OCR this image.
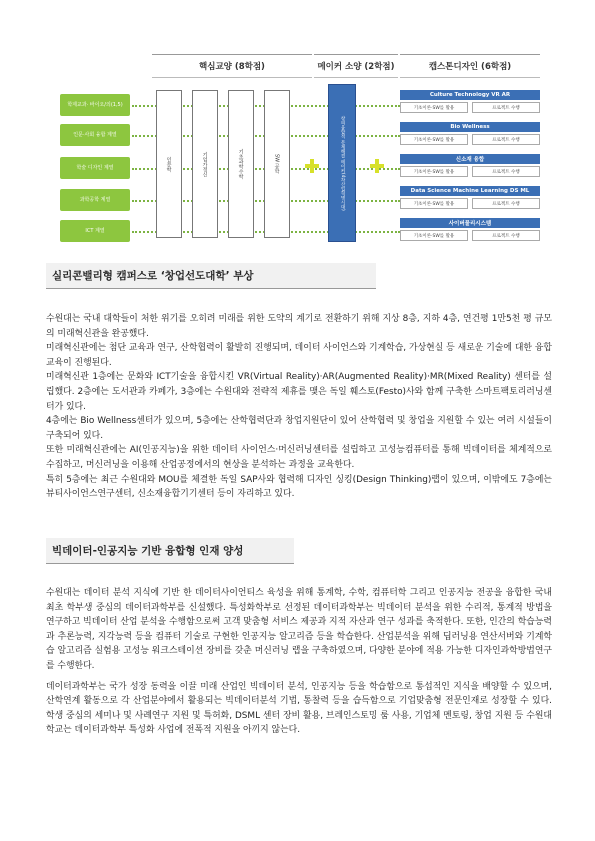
핵심교양 (8학점)	메이커 소양 (2학점)	캡스톤디자인 (6학점)
학제교과· 바이오/의(1,5)
인문·사회 융합 계열
학술 디자인 계열
과학공학 계열
ICT 계열
인문학	기업가정신	기초과학수학	SW 공학	창의융합적 문제해결 메이커(4차산업혁명시대)
Culture Technology VR AR
기초이론·SW를 활용	프로젝트 수행
Bio Wellness
기초이론·SW를 활용	프로젝트 수행
신소재 융합
기초이론·SW를 활용	프로젝트 수행
Data Science Machine Learning DS ML
기초이론·SW를 활용	프로젝트 수행
사이버물리시스템
기초이론·SW를 활용	프로젝트 수행
실리콘밸리형 캠퍼스로 ‘창업선도대학’ 부상

수원대는 국내 대학들이 처한 위기를 오히려 미래를 위한 도약의 계기로 전환하기 위해 지상 8층, 지하 4층, 연건평 1만5천 평 규모의 미래혁신관을 완공했다.

미래혁신관에는 첨단 교육과 연구, 산학협력이 활발히 진행되며, 데이터 사이언스와 기계학습, 가상현실 등 새로운 기술에 대한 융합교육이 진행된다.

미래혁신관 1층에는 문화와 ICT기술을 융합시킨 VR(Virtual Reality)·AR(Augmented Reality)·MR(Mixed Reality) 센터를 설립했다. 2층에는 도서관과 카페가, 3층에는 수원대와 전략적 제휴를 맺은 독일 훼스토(Festo)사와 함께 구축한 스마트팩토리러닝센터가 있다.

4층에는 Bio Wellness센터가 있으며, 5층에는 산학협력단과 창업지원단이 있어 산학협력 및 창업을 지원할 수 있는 여러 시설들이 구축되어 있다.

또한 미래혁신관에는 AI(인공지능)을 위한 데이터 사이언스·머신러닝센터를 설립하고 고성능컴퓨터를 통해 빅데이터를 체계적으로 수집하고, 머신러닝을 이용해 산업공정에서의 현상을 분석하는 과정을 교육한다.

특히 5층에는 최근 수원대와 MOU를 체결한 독일 SAP사와 협력해 디자인 싱킹(Design Thinking)랩이 있으며, 이밖에도 7층에는 뷰티사이언스연구센터, 신소재융합기기센터 등이 자리하고 있다.

빅데이터-인공지능 기반 융합형 인재 양성

수원대는 데이터 분석 지식에 기반 한 데이터사이언티스 육성을 위해 통계학, 수학, 컴퓨터학 그리고 인공지능 전공을 융합한 국내 최초 학부생 중심의 데이터과학부를 신설했다. 특성화학부로 선정된 데이터과학부는 빅데이터 분석을 위한 수리적, 통계적 방법을 연구하고 빅데이터 산업 분석을 수행함으로써 고객 맞춤형 서비스 제공과 지적 자산과 연구 성과를 축적한다. 또한, 인간의 학습능력과 추론능력, 지각능력 등을 컴퓨터 기술로 구현한 인공지능 알고리즘 등을 학습한다. 산업분석을 위해 딥러닝용 연산서버와 기계학습 알고리즘 실험용 고성능 워크스테이션 장비를 갖춘 머신러닝 랩을 구축하였으며, 다양한 분야에 적용 가능한 디자인과학방법연구를 수행한다.

데이터과학부는 국가 성장 동력을 이끌 미래 산업인 빅데이터 분석, 인공지능 등을 학습함으로 통섭적인 지식을 배양할 수 있으며, 산학연계 활동으로 각 산업분야에서 활용되는 빅데이터분석 기법, 통찰력 등을 습득함으로 기업맞춤형 전문인재로 성장할 수 있다. 학생 중심의 세미나 및 사례연구 지원 및 특허화, DSML 센터 장비 활용, 브레인스토밍 룸 사용, 기업체 멘토링, 창업 지원 등 수원대학교는 데이터과학부 특성화 사업에 전폭적 지원을 아끼지 않는다.
